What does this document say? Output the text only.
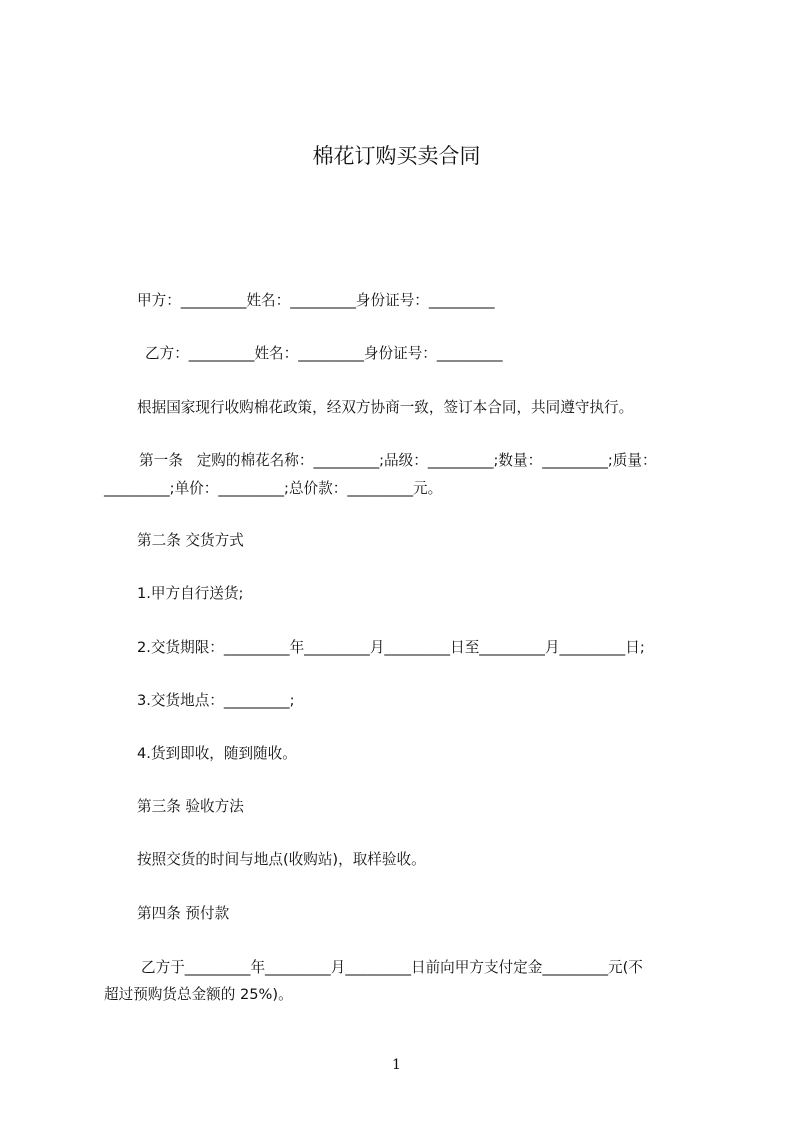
棉花订购买卖合同
甲方：_________姓名：_________身份证号：_________
乙方：_________姓名：_________身份证号：_________
根据国家现行收购棉花政策，经双方协商一致，签订本合同，共同遵守执行。
第一条   定购的棉花名称：_________;品级：_________;数量：_________;质量：
_________;单价：_________;总价款：_________元。
第二条 交货方式
1.甲方自行送货;
2.交货期限：_________年_________月_________日至_________月_________日;
3.交货地点：_________;
4.货到即收，随到随收。
第三条 验收方法
按照交货的时间与地点(收购站)，取样验收。
第四条 预付款
乙方于_________年_________月_________日前向甲方支付定金_________元(不
超过预购货总金额的 25%)。
1
